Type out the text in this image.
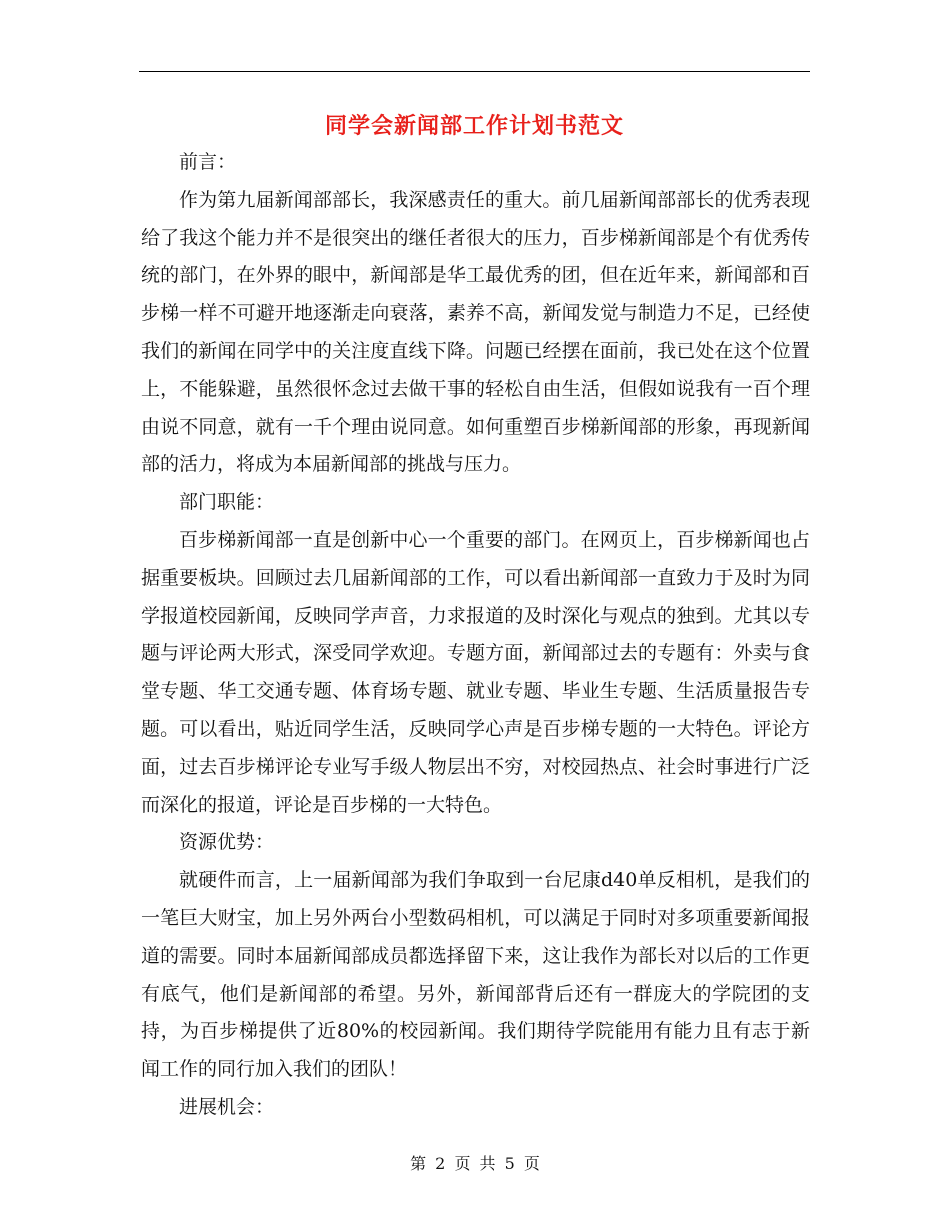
同学会新闻部工作计划书范文

前言：

作为第九届新闻部部长，我深感责任的重大。前几届新闻部部长的优秀表现给了我这个能力并不是很突出的继任者很大的压力，百步梯新闻部是个有优秀传统的部门，在外界的眼中，新闻部是华工最优秀的团，但在近年来，新闻部和百步梯一样不可避开地逐渐走向衰落，素养不高，新闻发觉与制造力不足，已经使我们的新闻在同学中的关注度直线下降。问题已经摆在面前，我已处在这个位置上，不能躲避，虽然很怀念过去做干事的轻松自由生活，但假如说我有一百个理由说不同意，就有一千个理由说同意。如何重塑百步梯新闻部的形象，再现新闻部的活力，将成为本届新闻部的挑战与压力。

部门职能：

百步梯新闻部一直是创新中心一个重要的部门。在网页上，百步梯新闻也占据重要板块。回顾过去几届新闻部的工作，可以看出新闻部一直致力于及时为同学报道校园新闻，反映同学声音，力求报道的及时深化与观点的独到。尤其以专题与评论两大形式，深受同学欢迎。专题方面，新闻部过去的专题有：外卖与食堂专题、华工交通专题、体育场专题、就业专题、毕业生专题、生活质量报告专题。可以看出，贴近同学生活，反映同学心声是百步梯专题的一大特色。评论方面，过去百步梯评论专业写手级人物层出不穷，对校园热点、社会时事进行广泛而深化的报道，评论是百步梯的一大特色。

资源优势：

就硬件而言，上一届新闻部为我们争取到一台尼康d40单反相机，是我们的一笔巨大财宝，加上另外两台小型数码相机，可以满足于同时对多项重要新闻报道的需要。同时本届新闻部成员都选择留下来，这让我作为部长对以后的工作更有底气，他们是新闻部的希望。另外，新闻部背后还有一群庞大的学院团的支持，为百步梯提供了近80%的校园新闻。我们期待学院能用有能力且有志于新闻工作的同行加入我们的团队！

进展机会：

第 2 页 共 5 页
